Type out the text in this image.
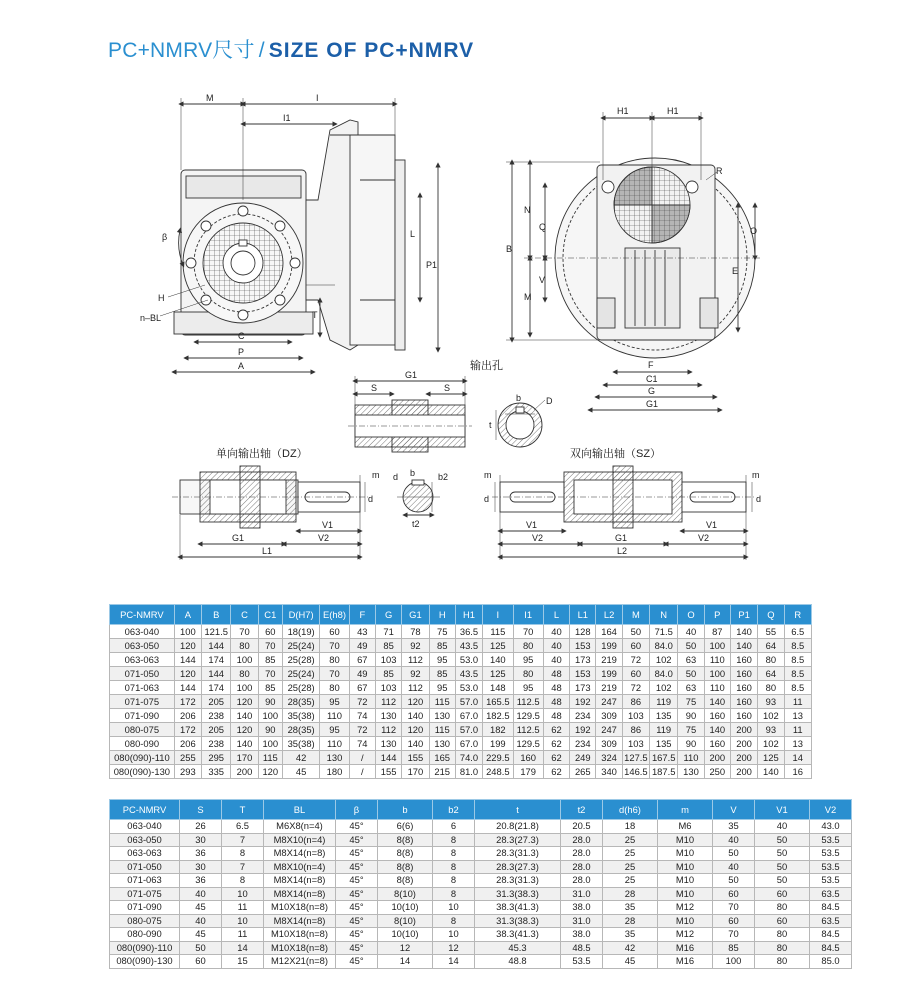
PC+NMRV尺寸 / SIZE OF PC+NMRV
M	I
I1
L
P1
β
H
n–BL	T
C
P
A
H1	H1
R
N
Q
B
M
V
O
E
F
C1
G
G1
输出孔
G1
S	S
D
b
t
单向输出轴（DZ）
m
d
V1
G1	V2
L1
d b	b2
t2
双向输出轴（SZ）
m
d
m
d
V1	V1
V2	G1	V2
L2
PC-NMRV	A	B	C	C1	D(H7)	E(h8)	F	G	G1	H	H1	I	I1	L	L1	L2	M	N	O	P	P1	Q	R
063-040	100	121.5	70	60	18(19)	60	43	71	78	75	36.5	115	70	40	128	164	50	71.5	40	87	140	55	6.5
063-050	120	144	80	70	25(24)	70	49	85	92	85	43.5	125	80	40	153	199	60	84.0	50	100	140	64	8.5
063-063	144	174	100	85	25(28)	80	67	103	112	95	53.0	140	95	40	173	219	72	102	63	110	160	80	8.5
071-050	120	144	80	70	25(24)	70	49	85	92	85	43.5	125	80	48	153	199	60	84.0	50	100	160	64	8.5
071-063	144	174	100	85	25(28)	80	67	103	112	95	53.0	148	95	48	173	219	72	102	63	110	160	80	8.5
071-075	172	205	120	90	28(35)	95	72	112	120	115	57.0	165.5	112.5	48	192	247	86	119	75	140	160	93	11
071-090	206	238	140	100	35(38)	110	74	130	140	130	67.0	182.5	129.5	48	234	309	103	135	90	160	160	102	13
080-075	172	205	120	90	28(35)	95	72	112	120	115	57.0	182	112.5	62	192	247	86	119	75	140	200	93	11
080-090	206	238	140	100	35(38)	110	74	130	140	130	67.0	199	129.5	62	234	309	103	135	90	160	200	102	13
080(090)-110	255	295	170	115	42	130	/	144	155	165	74.0	229.5	160	62	249	324	127.5	167.5	110	200	200	125	14
080(090)-130	293	335	200	120	45	180	/	155	170	215	81.0	248.5	179	62	265	340	146.5	187.5	130	250	200	140	16
PC-NMRV	S	T	BL	β	b	b2	t	t2	d(h6)	m	V	V1	V2
063-040	26	6.5	M6X8(n=4)	45°	6(6)	6	20.8(21.8)	20.5	18	M6	35	40	43.0
063-050	30	7	M8X10(n=4)	45°	8(8)	8	28.3(27.3)	28.0	25	M10	40	50	53.5
063-063	36	8	M8X14(n=8)	45°	8(8)	8	28.3(31.3)	28.0	25	M10	50	50	53.5
071-050	30	7	M8X10(n=4)	45°	8(8)	8	28.3(27.3)	28.0	25	M10	40	50	53.5
071-063	36	8	M8X14(n=8)	45°	8(8)	8	28.3(31.3)	28.0	25	M10	50	50	53.5
071-075	40	10	M8X14(n=8)	45°	8(10)	8	31.3(38.3)	31.0	28	M10	60	60	63.5
071-090	45	11	M10X18(n=8)	45°	10(10)	10	38.3(41.3)	38.0	35	M12	70	80	84.5
080-075	40	10	M8X14(n=8)	45°	8(10)	8	31.3(38.3)	31.0	28	M10	60	60	63.5
080-090	45	11	M10X18(n=8)	45°	10(10)	10	38.3(41.3)	38.0	35	M12	70	80	84.5
080(090)-110	50	14	M10X18(n=8)	45°	12	12	45.3	48.5	42	M16	85	80	84.5
080(090)-130	60	15	M12X21(n=8)	45°	14	14	48.8	53.5	45	M16	100	80	85.0
